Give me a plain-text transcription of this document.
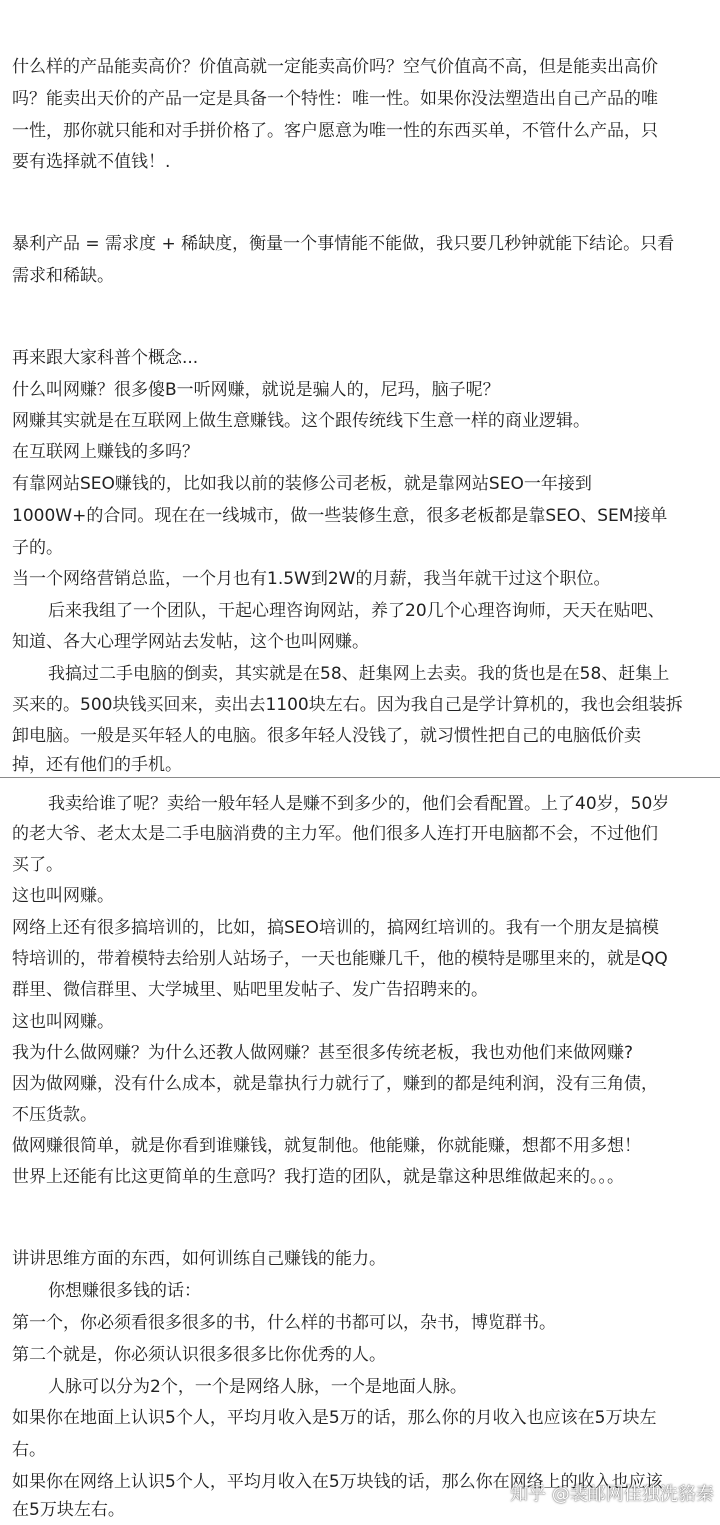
什么样的产品能卖高价？价值高就一定能卖高价吗？空气价值高不高，但是能卖出高价
吗？能卖出天价的产品一定是具备一个特性：唯一性。如果你没法塑造出自己产品的唯
一性，那你就只能和对手拼价格了。客户愿意为唯一性的东西买单，不管什么产品，只
要有选择就不值钱！.
暴利产品 = 需求度 + 稀缺度，衡量一个事情能不能做，我只要几秒钟就能下结论。只看
需求和稀缺。
再来跟大家科普个概念...
什么叫网赚？很多傻B一听网赚，就说是骗人的，尼玛，脑子呢？
网赚其实就是在互联网上做生意赚钱。这个跟传统线下生意一样的商业逻辑。
在互联网上赚钱的多吗？
有靠网站SEO赚钱的，比如我以前的装修公司老板，就是靠网站SEO一年接到
1000W+的合同。现在在一线城市，做一些装修生意，很多老板都是靠SEO、SEM接单
子的。
当一个网络营销总监，一个月也有1.5W到2W的月薪，我当年就干过这个职位。
后来我组了一个团队，干起心理咨询网站，养了20几个心理咨询师，天天在贴吧、
知道、各大心理学网站去发帖，这个也叫网赚。
我搞过二手电脑的倒卖，其实就是在58、赶集网上去卖。我的货也是在58、赶集上
买来的。500块钱买回来，卖出去1100块左右。因为我自己是学计算机的，我也会组装拆
卸电脑。一般是买年轻人的电脑。很多年轻人没钱了，就习惯性把自己的电脑低价卖
掉，还有他们的手机。
我卖给谁了呢？卖给一般年轻人是赚不到多少的，他们会看配置。上了40岁，50岁
的老大爷、老太太是二手电脑消费的主力军。他们很多人连打开电脑都不会，不过他们
买了。
这也叫网赚。
网络上还有很多搞培训的，比如，搞SEO培训的，搞网红培训的。我有一个朋友是搞模
特培训的，带着模特去给别人站场子，一天也能赚几千，他的模特是哪里来的，就是QQ
群里、微信群里、大学城里、贴吧里发帖子、发广告招聘来的。
这也叫网赚。
我为什么做网赚？为什么还教人做网赚？甚至很多传统老板，我也劝他们来做网赚?
因为做网赚，没有什么成本，就是靠执行力就行了，赚到的都是纯利润，没有三角债，
不压货款。
做网赚很简单，就是你看到谁赚钱，就复制他。他能赚，你就能赚，想都不用多想！
世界上还能有比这更简单的生意吗？我打造的团队，就是靠这种思维做起来的。。。
讲讲思维方面的东西，如何训练自己赚钱的能力。
你想赚很多钱的话：
第一个，你必须看很多很多的书，什么样的书都可以，杂书，博览群书。
第二个就是，你必须认识很多很多比你优秀的人。
人脉可以分为2个，一个是网络人脉，一个是地面人脉。
如果你在地面上认识5个人，平均月收入是5万的话，那么你的月收入也应该在5万块左
右。
如果你在网络上认识5个人，平均月收入在5万块钱的话，那么你在网络上的收入也应该
在5万块左右。
知乎 @裴邮网佳独洗貉秦
